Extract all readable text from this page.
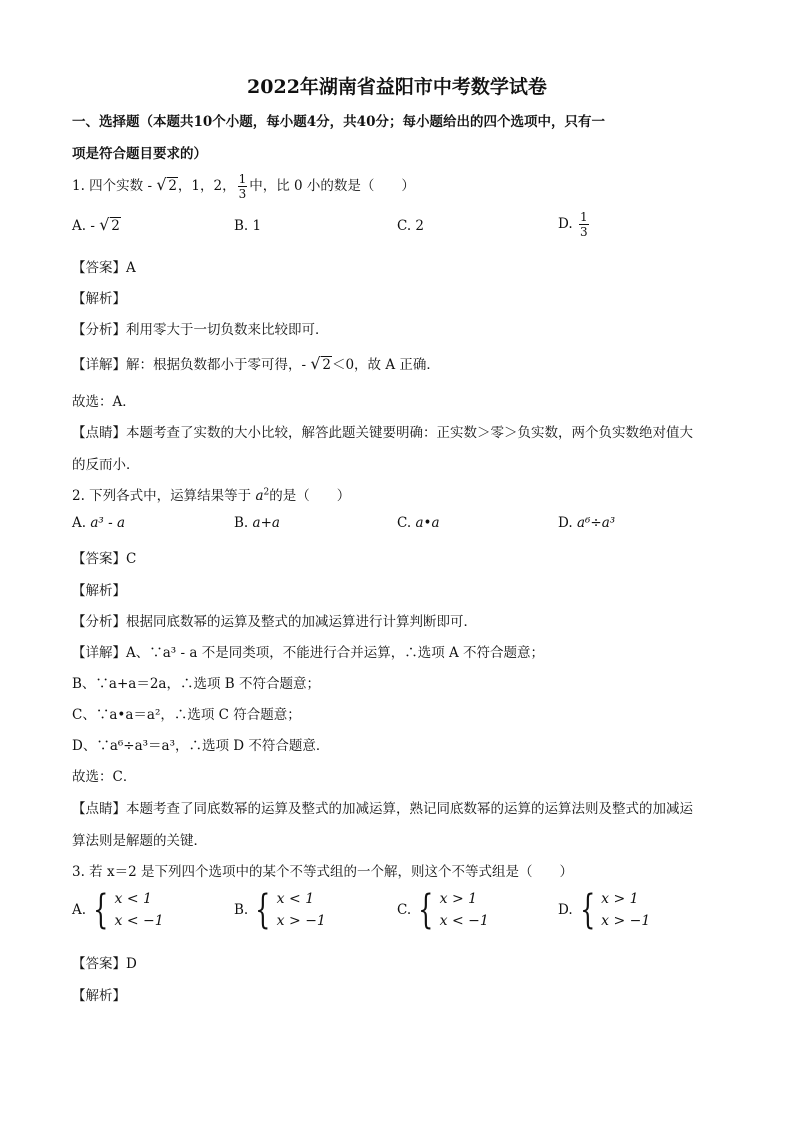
2022年湖南省益阳市中考数学试卷
一、选择题（本题共10个小题，每小题4分，共40分；每小题给出的四个选项中，只有一
项是符合题目要求的）
1. 四个实数 - √ 2，1，2， $\frac{1}{3}$ 中，比 0 小的数是（　　）
A. - √ 2	B. 1	C. 2	D. $\frac{1}{3}$
【答案】A
【解析】
【分析】利用零大于一切负数来比较即可．
【详解】解：根据负数都小于零可得，- √ 2＜0，故 A 正确．
故选：A．
【点睛】本题考查了实数的大小比较，解答此题关键要明确：正实数＞零＞负实数，两个负实数绝对值大
的反而小．
2. 下列各式中，运算结果等于 $a^2$的是（　　）
A. a³ - a	B. a+a	C. a•a	D. a⁶÷a³
【答案】C
【解析】
【分析】根据同底数幂的运算及整式的加减运算进行计算判断即可．
【详解】A、∵a³ - a 不是同类项，不能进行合并运算，∴选项 A 不符合题意；
B、∵a+a＝2a，∴选项 B 不符合题意；
C、∵a•a＝a²，∴选项 C 符合题意；
D、∵a⁶÷a³＝a³，∴选项 D 不符合题意．
故选：C．
【点睛】本题考查了同底数幂的运算及整式的加减运算，熟记同底数幂的运算的运算法则及整式的加减运
算法则是解题的关键．
3. 若 x＝2 是下列四个选项中的某个不等式组的一个解，则这个不等式组是（　　）
A. { x < 1
x < −1
B. { x < 1
x > −1
C. { x > 1
x < −1
D. { x > 1
x > −1
【答案】D
【解析】
